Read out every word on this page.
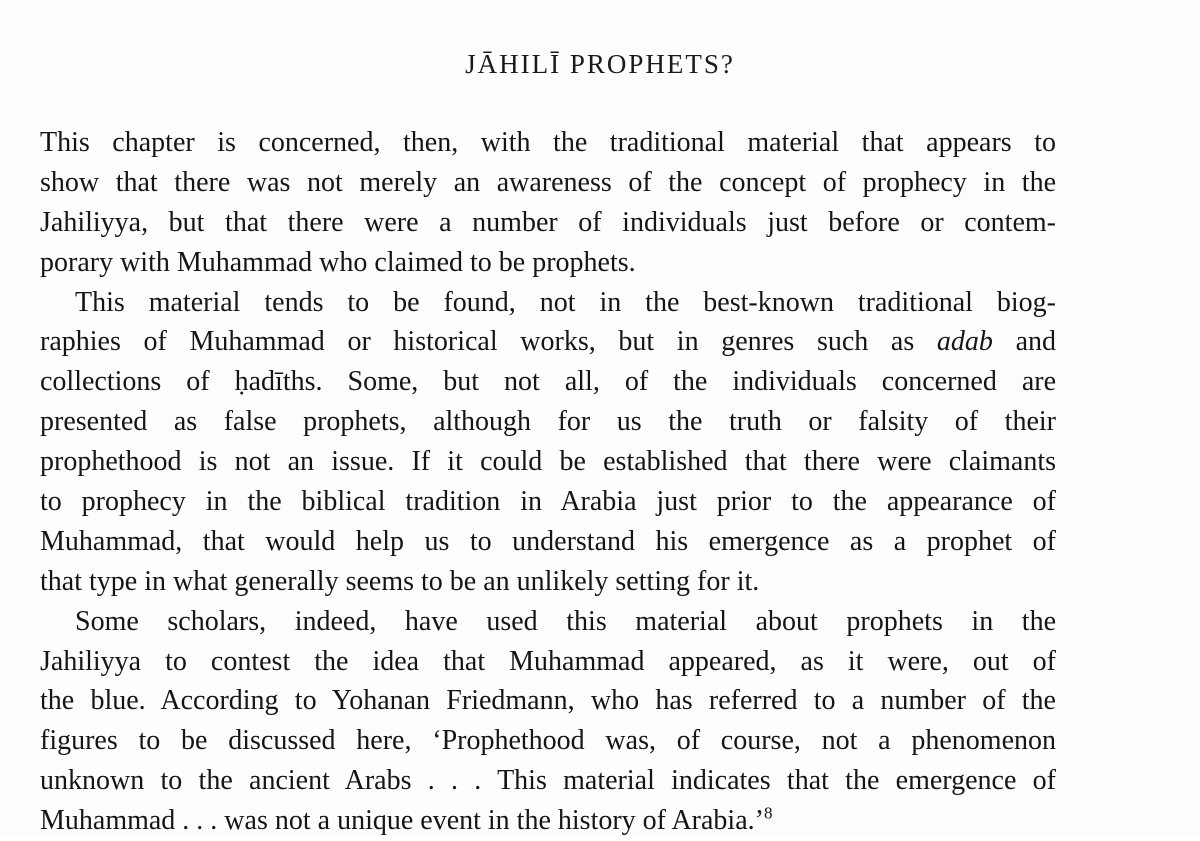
JĀHILĪ PROPHETS?
This chapter is concerned, then, with the traditional material that appears to
show that there was not merely an awareness of the concept of prophecy in the
Jahiliyya, but that there were a number of individuals just before or contem-
porary with Muhammad who claimed to be prophets.
This material tends to be found, not in the best-known traditional biog-
raphies of Muhammad or historical works, but in genres such as adab and
collections of ḥadīths. Some, but not all, of the individuals concerned are
presented as false prophets, although for us the truth or falsity of their
prophethood is not an issue. If it could be established that there were claimants
to prophecy in the biblical tradition in Arabia just prior to the appearance of
Muhammad, that would help us to understand his emergence as a prophet of
that type in what generally seems to be an unlikely setting for it.
Some scholars, indeed, have used this material about prophets in the
Jahiliyya to contest the idea that Muhammad appeared, as it were, out of
the blue. According to Yohanan Friedmann, who has referred to a number of the
figures to be discussed here, ‘Prophethood was, of course, not a phenomenon
unknown to the ancient Arabs . . . This material indicates that the emergence of
Muhammad . . . was not a unique event in the history of Arabia.’$^8$
